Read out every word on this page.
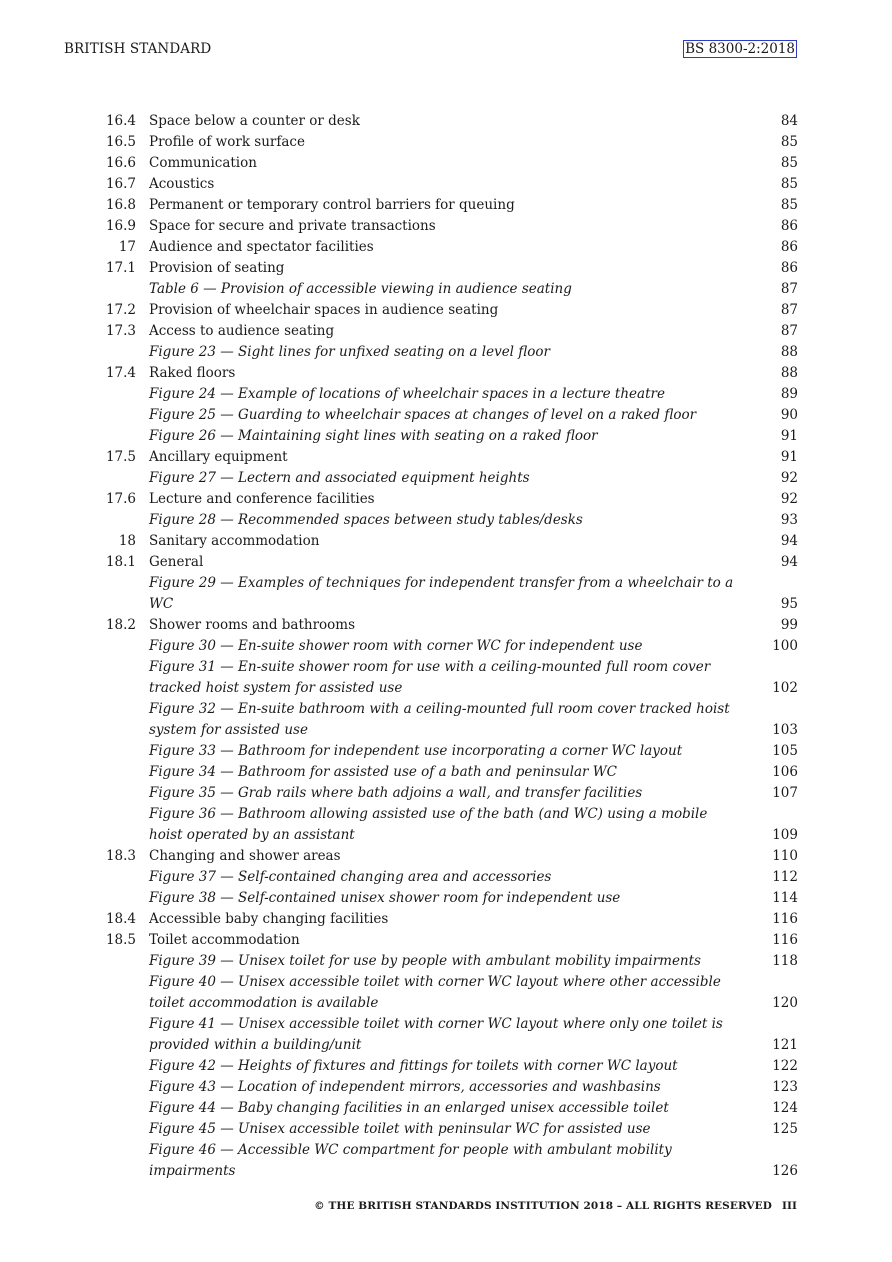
BRITISH STANDARD	BS 8300-2:2018
16.4 Space below a counter or desk	84
16.5 Profile of work surface	85
16.6 Communication	85
16.7 Acoustics	85
16.8 Permanent or temporary control barriers for queuing	85
16.9 Space for secure and private transactions	86
17 Audience and spectator facilities	86
17.1 Provision of seating	86
Table 6 — Provision of accessible viewing in audience seating	87
17.2 Provision of wheelchair spaces in audience seating	87
17.3 Access to audience seating	87
Figure 23 — Sight lines for unfixed seating on a level floor	88
17.4 Raked floors	88
Figure 24 — Example of locations of wheelchair spaces in a lecture theatre	89
Figure 25 — Guarding to wheelchair spaces at changes of level on a raked floor	90
Figure 26 — Maintaining sight lines with seating on a raked floor	91
17.5 Ancillary equipment	91
Figure 27 — Lectern and associated equipment heights	92
17.6 Lecture and conference facilities	92
Figure 28 — Recommended spaces between study tables/desks	93
18 Sanitary accommodation	94
18.1 General	94
Figure 29 — Examples of techniques for independent transfer from a wheelchair to a WC	95
18.2 Shower rooms and bathrooms	99
Figure 30 — En-suite shower room with corner WC for independent use	100
Figure 31 — En-suite shower room for use with a ceiling-mounted full room cover tracked hoist system for assisted use	102
Figure 32 — En-suite bathroom with a ceiling-mounted full room cover tracked hoist system for assisted use	103
Figure 33 — Bathroom for independent use incorporating a corner WC layout	105
Figure 34 — Bathroom for assisted use of a bath and peninsular WC	106
Figure 35 — Grab rails where bath adjoins a wall, and transfer facilities	107
Figure 36 — Bathroom allowing assisted use of the bath (and WC) using a mobile hoist operated by an assistant	109
18.3 Changing and shower areas	110
Figure 37 — Self-contained changing area and accessories	112
Figure 38 — Self-contained unisex shower room for independent use	114
18.4 Accessible baby changing facilities	116
18.5 Toilet accommodation	116
Figure 39 — Unisex toilet for use by people with ambulant mobility impairments	118
Figure 40 — Unisex accessible toilet with corner WC layout where other accessible toilet accommodation is available	120
Figure 41 — Unisex accessible toilet with corner WC layout where only one toilet is provided within a building/unit	121
Figure 42 — Heights of fixtures and fittings for toilets with corner WC layout	122
Figure 43 — Location of independent mirrors, accessories and washbasins	123
Figure 44 — Baby changing facilities in an enlarged unisex accessible toilet	124
Figure 45 — Unisex accessible toilet with peninsular WC for assisted use	125
Figure 46 — Accessible WC compartment for people with ambulant mobility impairments	126
© THE BRITISH STANDARDS INSTITUTION 2018 – ALL RIGHTS RESERVED III
